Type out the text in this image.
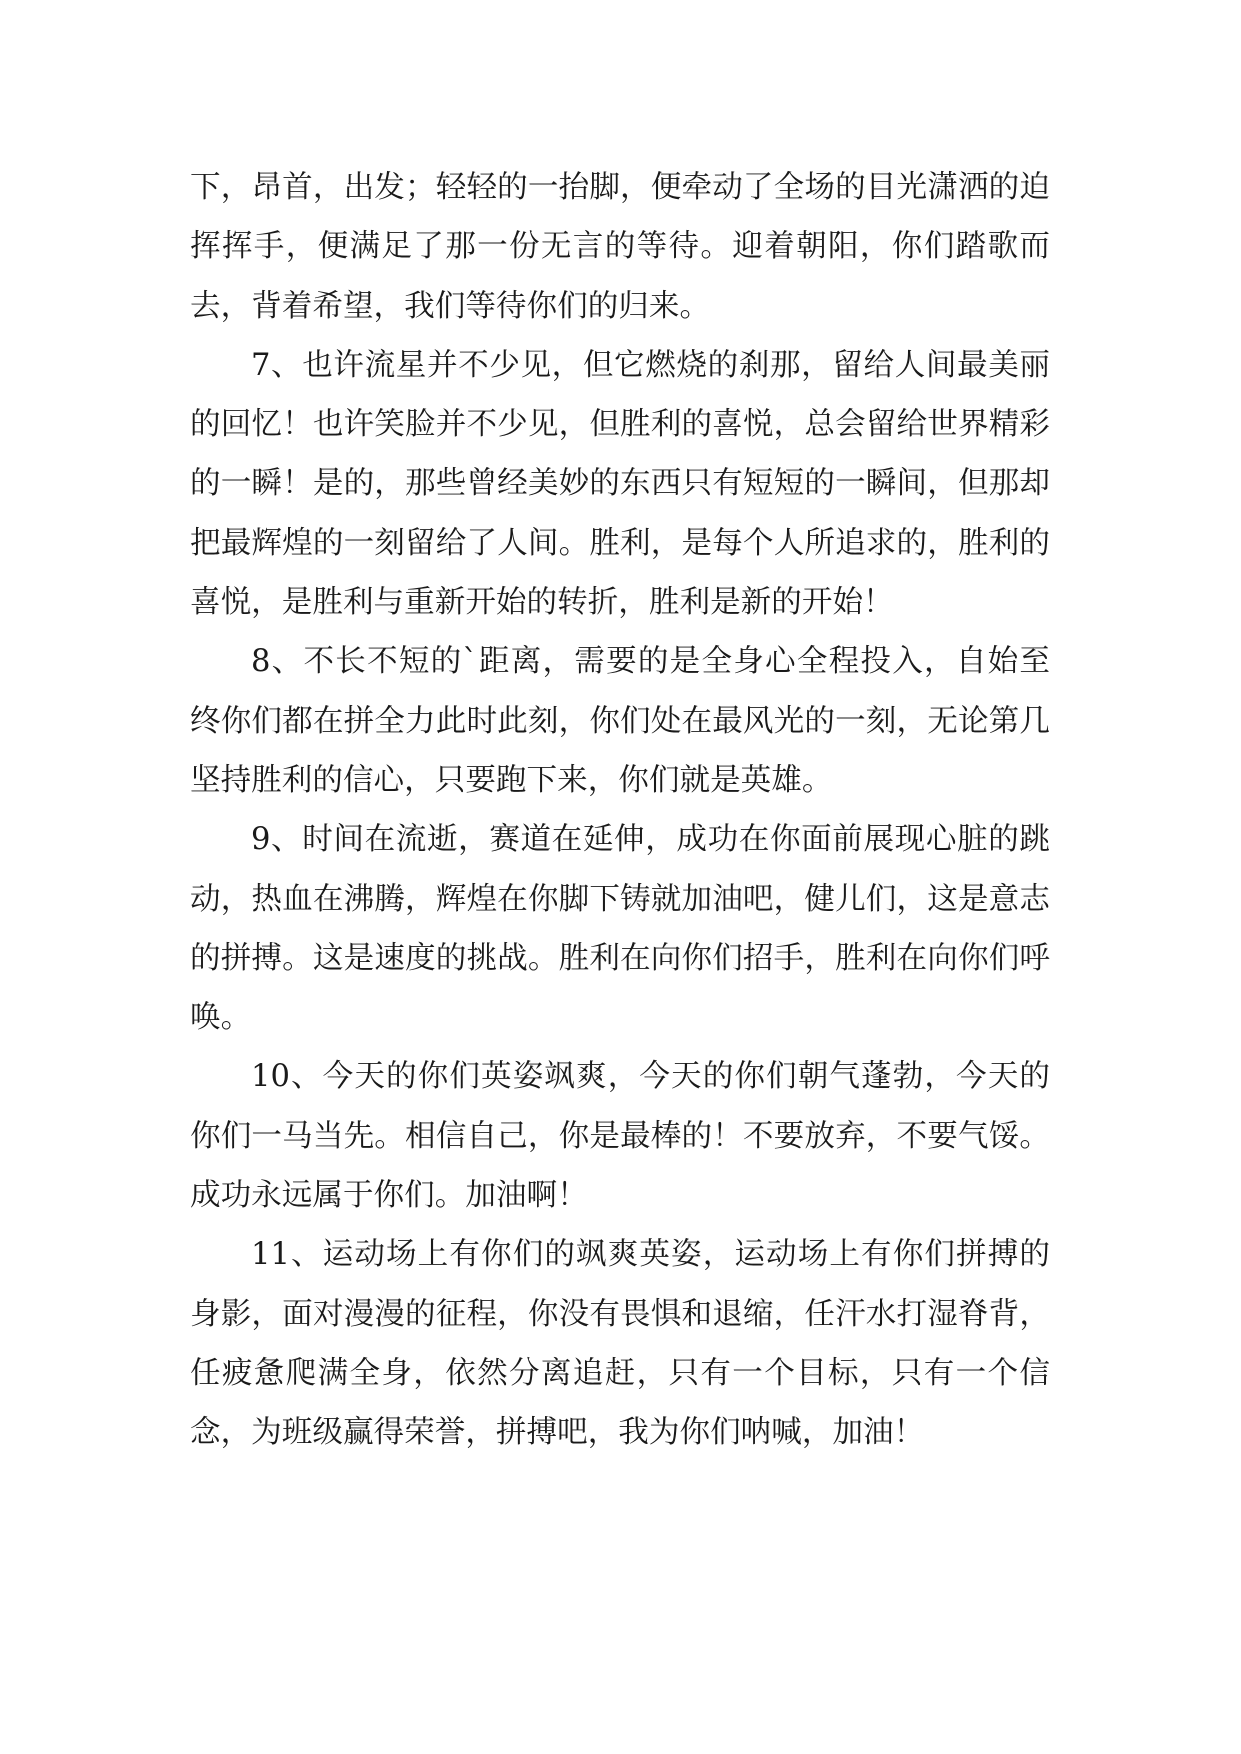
下，昂首，出发；轻轻的一抬脚，便牵动了全场的目光潇洒的迫挥挥手，便满足了那一份无言的等待。迎着朝阳，你们踏歌而去，背着希望，我们等待你们的归来。

7、也许流星并不少见，但它燃烧的刹那，留给人间最美丽的回忆！也许笑脸并不少见，但胜利的喜悦，总会留给世界精彩的一瞬！是的，那些曾经美妙的东西只有短短的一瞬间，但那却把最辉煌的一刻留给了人间。胜利，是每个人所追求的，胜利的喜悦，是胜利与重新开始的转折，胜利是新的开始！

8、不长不短的`距离，需要的是全身心全程投入，自始至终你们都在拼全力此时此刻，你们处在最风光的一刻，无论第几坚持胜利的信心，只要跑下来，你们就是英雄。

9、时间在流逝，赛道在延伸，成功在你面前展现心脏的跳动，热血在沸腾，辉煌在你脚下铸就加油吧，健儿们，这是意志的拼搏。这是速度的挑战。胜利在向你们招手，胜利在向你们呼唤。

10、今天的你们英姿飒爽，今天的你们朝气蓬勃，今天的你们一马当先。相信自己，你是最棒的！不要放弃，不要气馁。成功永远属于你们。加油啊！

11、运动场上有你们的飒爽英姿，运动场上有你们拼搏的身影，面对漫漫的征程，你没有畏惧和退缩，任汗水打湿脊背，任疲惫爬满全身，依然分离追赶，只有一个目标，只有一个信念，为班级赢得荣誉，拼搏吧，我为你们呐喊，加油！
